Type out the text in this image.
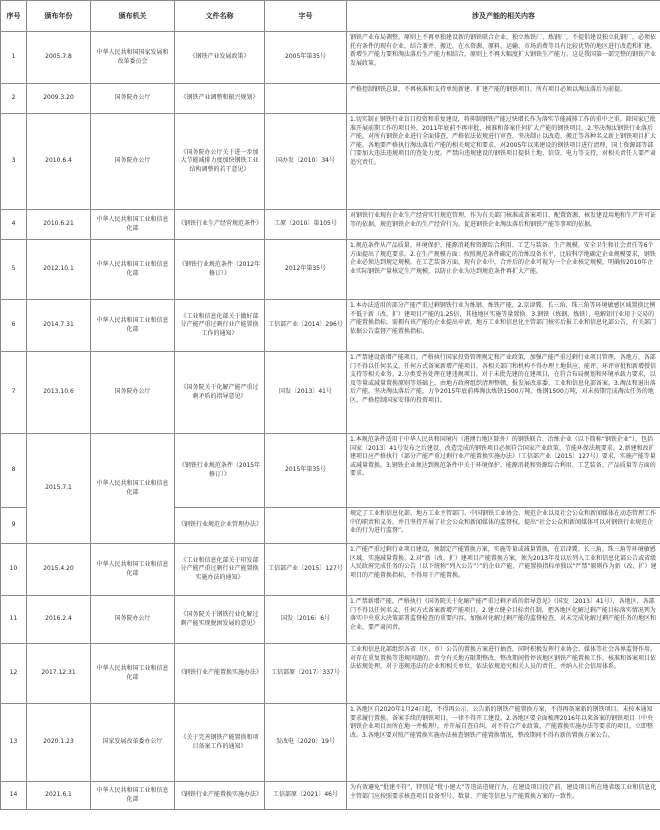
序号	颁布年份	颁布机关	文件名称	字号	涉及产能的相关内容
1	2005.7.8	中华人民共和国国家发展和改革委员会	《钢铁产业发展政策》	2005年第35号	钢铁产业布局调整，原则上不再单独建设新的钢铁联合企业、独立炼铁厂、炼钢厂，不提倡建设独立轧钢厂，必须依托有条件的现有企业，结合兼并、搬迁，在水资源、原料、运输、市场消费等具有比较优势的地区进行改造和扩建。新增生产能力要和淘汰落后生产能力相结合，原则上不再大幅度扩大钢铁生产能力。这是我国第一部完整的钢铁产业发展政策。
2	2009.3.20	国务院办公厅	《钢铁产业调整和振兴规划》		严格控制钢铁总量，不再核准和支持单纯新建、扩建产能的钢铁项目，所有项目必须以淘汰落后为前提。
3	2010.6.4	国务院办公厅	《国务院办公厅关于进一步加大节能减排力度加快钢铁工业结构调整的若干意见》	国办发〔2010〕34号	1.切实制止钢铁行业盲目投资和重复建设，将抑制钢铁产能过快增长作为落实节能减排工作的重中之重。除国家已批准开展前期工作的项目外，2011年底前不再审批、核准和备案任何扩大产能的钢铁项目。2.坚决淘汰钢铁行业落后产能。对所有钢铁企业进行全面排查，严格依法依规进行审查，坚决制止以改造、搬迁等各种名义新上钢铁项目扩大产能。各地要严格执行淘汰落后产能的相关规定和要求，对2005年以来建设的钢铁项目进行清理，国土资源部等部门要加大违法违规项目的查处力度。严禁向违规建设的钢铁项目提供土地、信贷、电力等支持，对相关责任人要严肃追究责任。
4	2010.6.21	中华人民共和国工业和信息化部	《钢铁行业生产经营规范条件》	工原〔2010〕第105号	对钢铁行业现有企业生产经营实行规范管理，作为有关部门核准或备案项目、配置资源、核发建设用地和生产许可证等的依据，规范钢铁企业的生产经营行为，促进钢铁企业淘汰落后和钢铁产能等事项的依据。
5	2012.10.1	中华人民共和国工业和信息化部	《钢铁行业规范条件（2012年修订）》	2012年第35号	1.规范条件从产品质量、环境保护、能源消耗和资源综合利用、工艺与装备、生产规模、安全卫生和社会责任等6个方面提出了规范要求。2.在生产规模方面：按照规范条件确定的冶炼设备水平，比较科学地确定企业规模要求，钢铁企业必须达到规定规模。在工艺装备方面，现有企业中，合并后的企业可视为一个企业核定规模，明确按2010年企业实际钢铁产量核定生产规模，以防止企业为达到规范条件再扩大产能。
6	2014.7.31	中华人民共和国工业和信息化部	《工业和信息化部关于做好部分产能严重过剩行业产能置换工作的通知》	工信部产业〔2014〕296号	1.本办法适用的部分产能严重过剩钢铁行业为炼钢、炼铁产能。2.京津冀、长三角、珠三角等环境敏感区域置换比例不低于新（改、扩）建项目产能的1.25倍，其他地区实施等量置换。3.钢铁（炼钢、炼铁）、电解铝行业用于交易的产能置换指标，需拥有该产能的企业提出申请，地方工业和信息化主管部门核实后报工业和信息化部公告，有关部门依据公告监督产能置换指标。
7	2013.10.6	国务院办公厅	《国务院关于化解产能严重过剩矛盾的指导意见》	国发〔2013〕41号	1.严禁建设新增产能项目。严格执行国家投资管理规定和产业政策，加强产能严重过剩行业项目管理，各地方、各部门不得以任何名义、任何方式备案新增产能项目，各相关部门和机构不得办理土地供应、能评、环评审批和新增授信支持等相关业务。2.分类妥善处理在建违规项目。对于未批先建的在建项目，在符合布局规划和环境承载力要求，以及等量或减量置换原则等基础上，由地方政府组织清理整顿，报发展改革委、工业和信息化部备案。3.淘汰和退出落后产能。坚决淘汰落后产能，力争2015年底前再淘汰炼铁1500万吨、炼钢1500万吨，对未按期完成淘汰任务的地区，严格控制国家安排的投资项目。
8	2015.7.1	中华人民共和国工业和信息化部	《钢铁行业规范条件（2015年修订）》	2015年第35号	1.本规范条件适用于中华人民共和国境内（港澳台地区除外）的钢铁联合、冶炼企业（以下简称“钢铁企业”）。包括国家〔2013〕41号发布之后建设、改造完成的钢铁项目必须符合国家产业政策、节能环保法规要求。2.新建和改扩建项目应严格执行《部分产能严重过剩行业产能置换实施办法》（工信部产业〔2015〕127号）要求，实施产能等量或减量置换。3.钢铁企业须达到规范条件中关于环境保护、能源消耗和资源综合利用、工艺装备、产品质量等方面的要求。
9			《钢铁行业规范企业管理办法》		规定了工业和信息化部、地方工业主管部门、中国钢铁工业协会、规范企业以及社会公众和新闻媒体在动态管理工作中的职责和义务，并且坚持开展了社会公众和新闻媒体的监督权，提出“社会公众和新闻媒体可以对钢铁行业规范企业的行为进行监督”。
10	2015.4.20	中华人民共和国工业和信息化部	《工业和信息化部关于印发部分产能严重过剩行业产能置换实施办法的通知》	工信部产业〔2015〕127号	1.产能严重过剩行业项目建设，须制定产能置换方案，实施等量或减量置换，在京津冀、长三角、珠三角等环境敏感区域，实施减量置换。2.对“新（改、扩）建项目产能置换方案，须为2013年及以后列入工业和信息化部公告或省级人民政府完成任务的公告（以下统称“列入公告”）”的企业产能，产能置换指标单独以“严禁”原则作为新（改、扩）建项目的产能置换指标，不得用于产能置换。
11	2016.2.4	国务院办公厅	《国务院关于钢铁行业化解过剩产能实现脱困发展的意见》	国发〔2016〕6号	1.严禁新增产能。严格执行《国务院关于化解产能严重过剩矛盾的指导意见》（国发〔2013〕41号），各地区、各部门不得以任何名义、任何方式备案新增产能项目。2.建立健全目标责任制，把各地区化解过剩产能目标落实情况列为落实中央重大决策部署监督检查的重要内容，加强对化解过剩产能的监督检查，对未完成化解过剩产能任务的地区和企业，要严肃问责。
12	2017.12.31	中华人民共和国工业和信息化部	《钢铁行业产能置换实施办法》	工信部原〔2017〕337号	工业和信息化部组织各省（区、市）公告的置换方案进行抽查，同时积极发挥行业协会、媒体等社会各界监督作用。对存在重复置换等违规问题的，责令有关地方限期整改，整改期间暂停该地区钢铁产能置换工作，核准和备案项目依法依规处理，对于违规违法的企业和相关单位，依法依规追究相关人员的责任，并纳入社会信用体系。
13	2020.1.23	国家发展改革委办公厅	《关于完善钢铁产能置换和项目备案工作的通知》	发改电〔2020〕19号	1.各地区自2020年1月24日起，不得再公示、公告新的钢铁产能置换方案，不得再备案新的钢铁项目。未按本通知要求履行置换、备案手续的钢铁项目，一律不得开工建设。2.各地区要全面梳理2016年以来备案的钢铁项目（中央钢铁企业项目由所在地一并梳理），并开展自查自纠，对不符合产业政策、产能置换实施办法等要求的项目，立即整改。3.各地区要对照产能置换实施办法核查钢铁产能置换情况，整改期间不得有新的置换方案公告。
14	2021.6.1	中华人民共和国工业和信息化部	《钢铁行业产能置换实施办法》	工信部原〔2021〕46号	为有效避免“批建不符”，特别是“批小建大”等违法违规行为，在建设项目投产前，建设项目所在地省级工业和信息化主管部门应按照要求核查项目设备型号、数量、产能等信息与产能置换方案的一致性。
